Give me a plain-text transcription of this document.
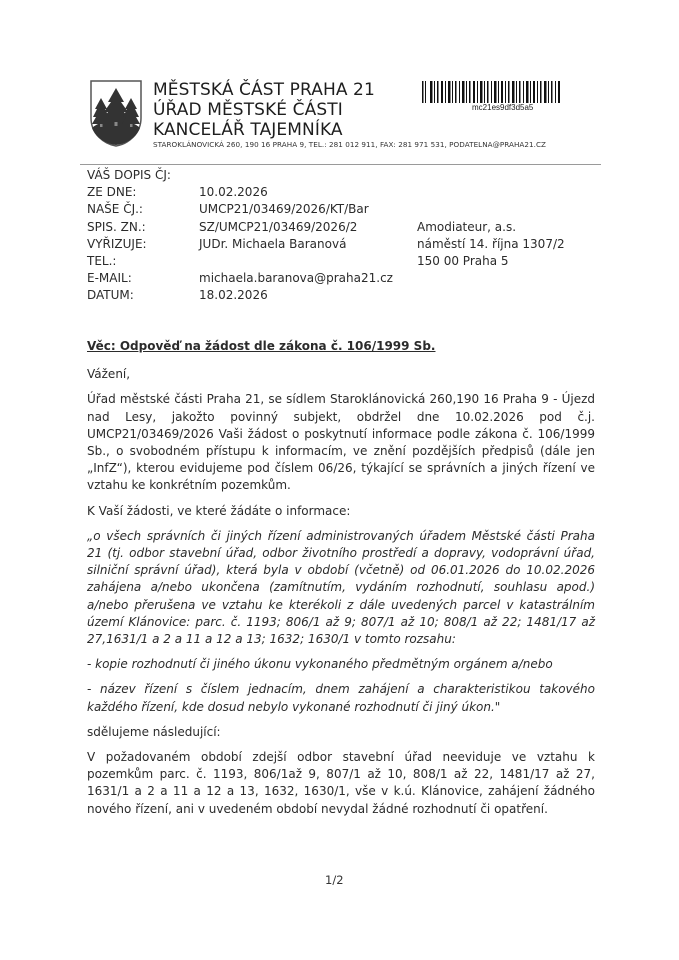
MĚSTSKÁ ČÁST PRAHA 21
ÚŘAD MĚSTSKÉ ČÁSTI
KANCELÁŘ TAJEMNÍKA
STAROKLÁNOVICKÁ 260, 190 16 PRAHA 9, TEL.: 281 012 911, FAX: 281 971 531, PODATELNA@PRAHA21.CZ
mc21es9df3d5a5
VÁŠ DOPIS ČJ:
ZE DNE:	10.02.2026
NAŠE ČJ.:	UMCP21/03469/2026/KT/Bar
SPIS. ZN.:	SZ/UMCP21/03469/2026/2
VYŘIZUJE:	JUDr. Michaela Baranová
TEL.:
E-MAIL:	michaela.baranova@praha21.cz
DATUM:	18.02.2026
Amodiateur, a.s.
náměstí 14. října 1307/2
150 00 Praha 5
Věc: Odpověď na žádost dle zákona č. 106/1999 Sb.

Vážení,

Úřad městské části Praha 21, se sídlem Staroklánovická 260,190 16 Praha 9 - Újezd nad Lesy, jakožto povinný subjekt, obdržel dne 10.02.2026 pod č.j. UMCP21/03469/2026 Vaši žádost o poskytnutí informace podle zákona č. 106/1999 Sb., o svobodném přístupu k informacím, ve znění pozdějších předpisů (dále jen „InfZ“), kterou evidujeme pod číslem 06/26, týkající se správních a jiných řízení ve vztahu ke konkrétním pozemkům.

K Vaší žádosti, ve které žádáte o informace:

„o všech správních či jiných řízení administrovaných úřadem Městské části Praha 21 (tj. odbor stavební úřad, odbor životního prostředí a dopravy, vodoprávní úřad, silniční správní úřad), která byla v období (včetně) od 06.01.2026 do 10.02.2026 zahájena a/nebo ukončena (zamítnutím, vydáním rozhodnutí, souhlasu apod.) a/nebo přerušena ve vztahu ke kterékoli z dále uvedených parcel v katastrálním území Klánovice: parc. č. 1193; 806/1 až 9; 807/1 až 10; 808/1 až 22; 1481/17 až 27,1631/1 a 2 a 11 a 12 a 13; 1632; 1630/1 v tomto rozsahu:

- kopie rozhodnutí či jiného úkonu vykonaného předmětným orgánem a/nebo

- název řízení s číslem jednacím, dnem zahájení a charakteristikou takového každého řízení, kde dosud nebylo vykonané rozhodnutí či jiný úkon."

sdělujeme následující:

V požadovaném období zdejší odbor stavební úřad neeviduje ve vztahu k pozemkům parc. č. 1193, 806/1až 9, 807/1 až 10, 808/1 až 22, 1481/17 až 27, 1631/1 a 2 a 11 a 12 a 13, 1632, 1630/1, vše v k.ú. Klánovice, zahájení žádného nového řízení, ani v uvedeném období nevydal žádné rozhodnutí či opatření.

1/2
